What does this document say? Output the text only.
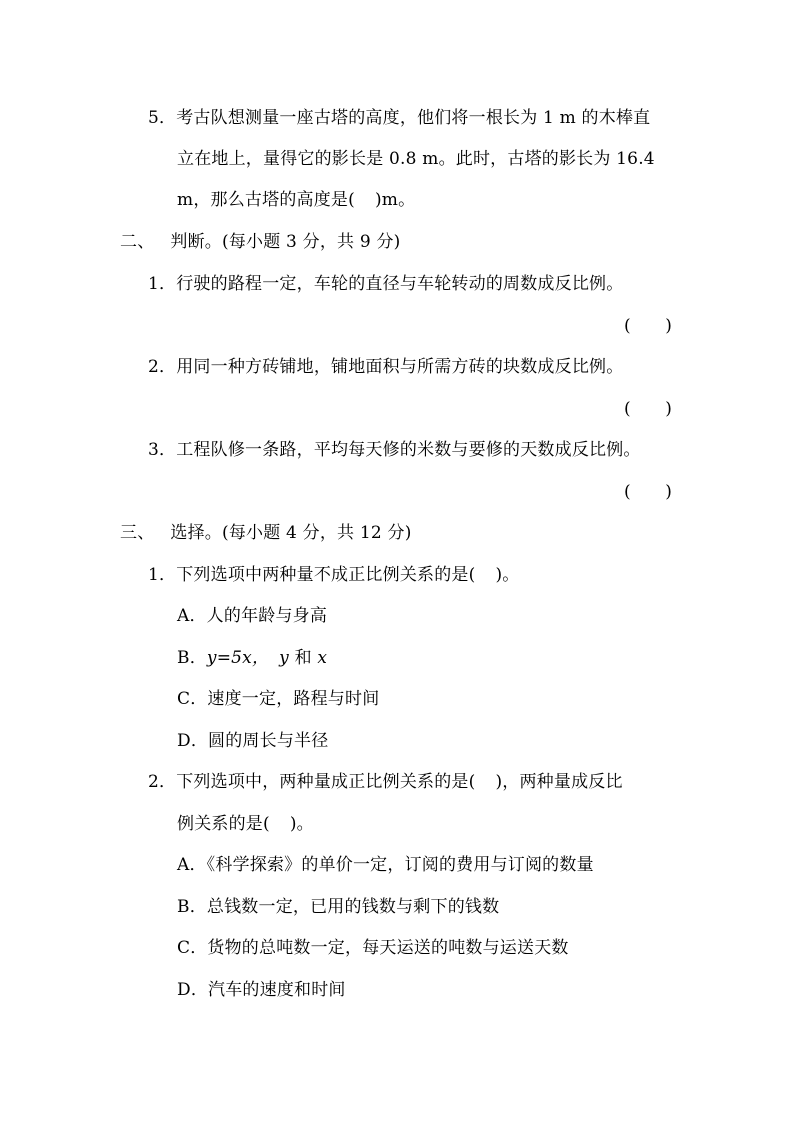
5．考古队想测量一座古塔的高度，他们将一根长为 1 m 的木棒直
立在地上，量得它的影长是 0.8 m。此时，古塔的影长为 16.4
m，那么古塔的高度是( )m。
二、 判断。(每小题 3 分，共 9 分)
1．行驶的路程一定，车轮的直径与车轮转动的周数成反比例。
(　　)
2．用同一种方砖铺地，铺地面积与所需方砖的块数成反比例。
(　　)
3．工程队修一条路，平均每天修的米数与要修的天数成反比例。
(　　)
三、 选择。(每小题 4 分，共 12 分)
1．下列选项中两种量不成正比例关系的是( )。
A．人的年龄与身高
B．y=5x， y 和 x
C．速度一定，路程与时间
D．圆的周长与半径
2．下列选项中，两种量成正比例关系的是( )，两种量成反比
例关系的是( )。
A．《科学探索》的单价一定，订阅的费用与订阅的数量
B．总钱数一定，已用的钱数与剩下的钱数
C．货物的总吨数一定，每天运送的吨数与运送天数
D．汽车的速度和时间
